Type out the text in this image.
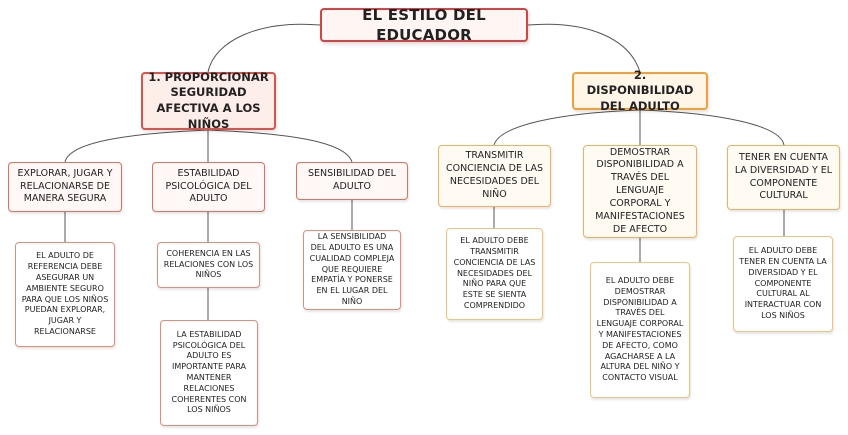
EL ESTILO DEL EDUCADOR
1. PROPORCIONAR SEGURIDAD AFECTIVA A LOS NIÑOS
EXPLORAR, JUGAR Y RELACIONARSE DE MANERA SEGURA
EL ADULTO DE REFERENCIA DEBE ASEGURAR UN AMBIENTE SEGURO PARA QUE LOS NIÑOS PUEDAN EXPLORAR, JUGAR Y RELACIONARSE
ESTABILIDAD PSICOLÓGICA DEL ADULTO
COHERENCIA EN LAS RELACIONES CON LOS NIÑOS
LA ESTABILIDAD PSICOLÓGICA DEL ADULTO ES IMPORTANTE PARA MANTENER RELACIONES COHERENTES CON LOS NIÑOS
SENSIBILIDAD DEL ADULTO
LA SENSIBILIDAD DEL ADULTO ES UNA CUALIDAD COMPLEJA QUE REQUIERE EMPATÍA Y PONERSE EN EL LUGAR DEL NIÑO
2. DISPONIBILIDAD DEL ADULTO
TRANSMITIR CONCIENCIA DE LAS NECESIDADES DEL NIÑO
EL ADULTO DEBE TRANSMITIR CONCIENCIA DE LAS NECESIDADES DEL NIÑO PARA QUE ESTE SE SIENTA COMPRENDIDO
DEMOSTRAR DISPONIBILIDAD A TRAVÉS DEL LENGUAJE CORPORAL Y MANIFESTACIONES DE AFECTO
EL ADULTO DEBE DEMOSTRAR DISPONIBILIDAD A TRAVÉS DEL LENGUAJE CORPORAL Y MANIFESTACIONES DE AFECTO, COMO AGACHARSE A LA ALTURA DEL NIÑO Y CONTACTO VISUAL
TENER EN CUENTA LA DIVERSIDAD Y EL COMPONENTE CULTURAL
EL ADULTO DEBE TENER EN CUENTA LA DIVERSIDAD Y EL COMPONENTE CULTURAL AL INTERACTUAR CON LOS NIÑOS
